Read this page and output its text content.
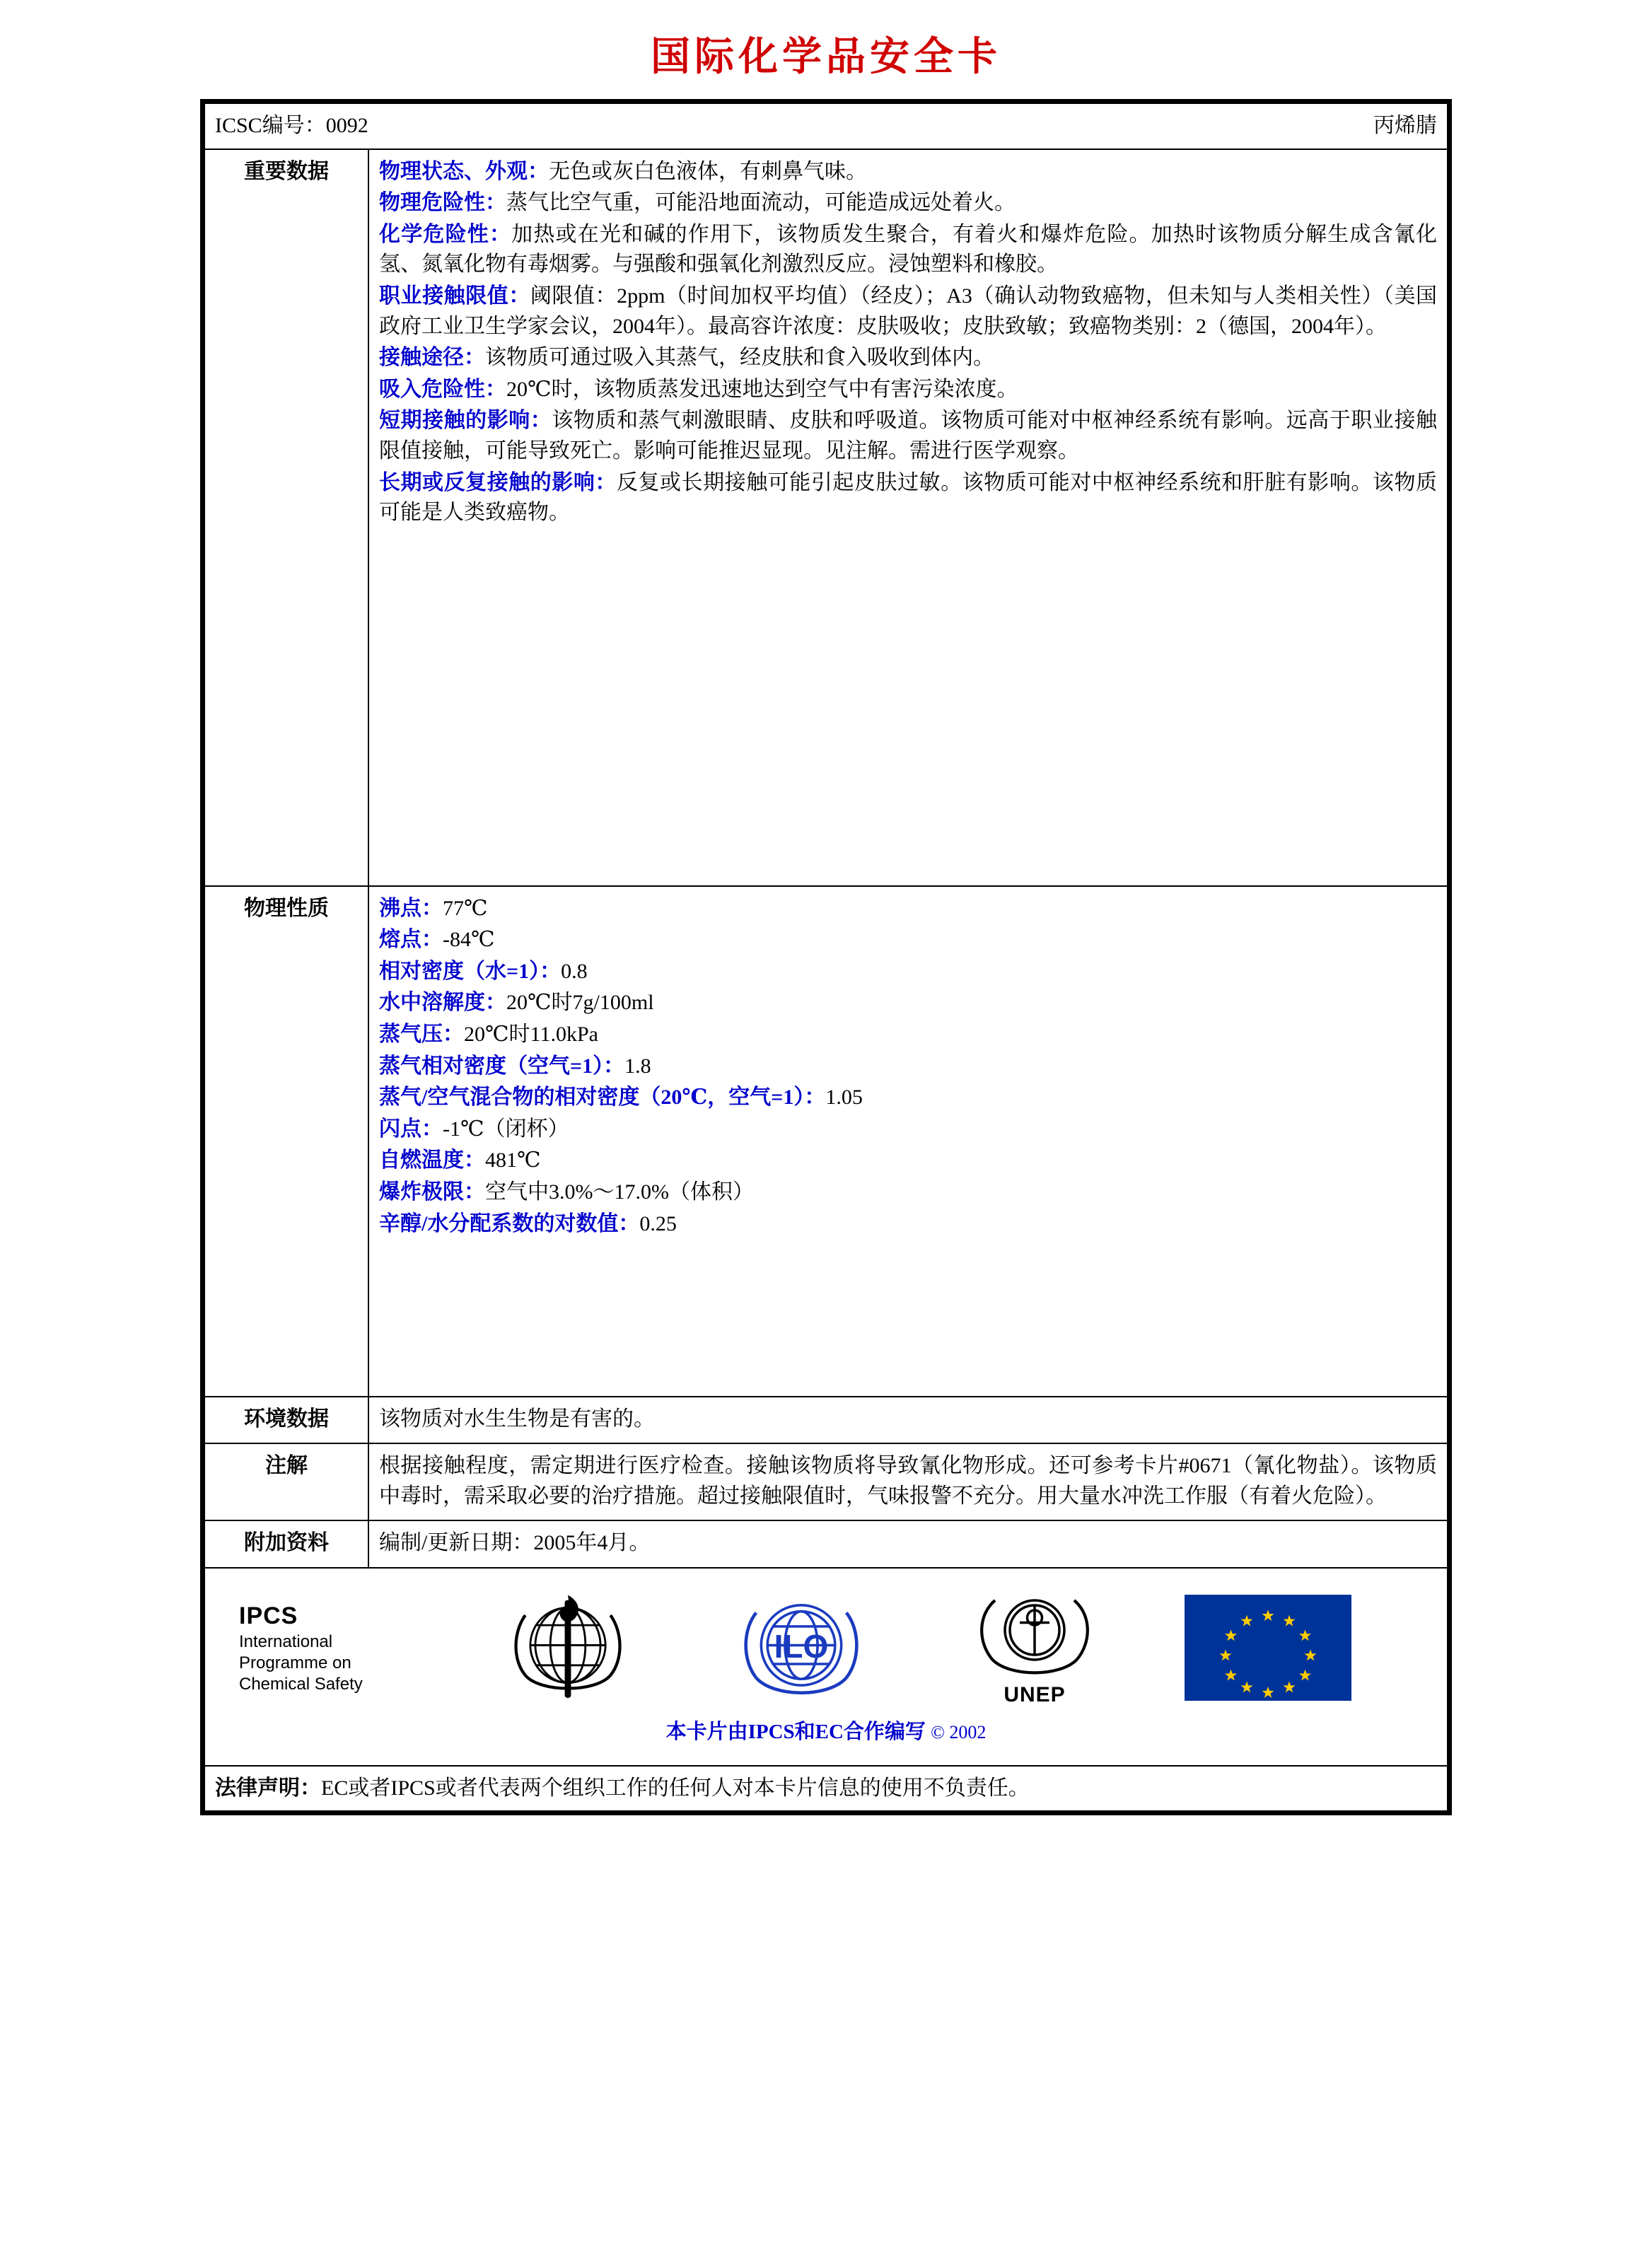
国际化学品安全卡
ICSC编号：0092 丙烯腈	

重要数据	物理状态、外观：无色或灰白色液体，有刺鼻气味。

物理危险性：蒸气比空气重，可能沿地面流动，可能造成远处着火。

化学危险性：加热或在光和碱的作用下，该物质发生聚合，有着火和爆炸危险。加热时该物质分解生成含氰化氢、氮氧化物有毒烟雾。与强酸和强氧化剂激烈反应。浸蚀塑料和橡胶。

职业接触限值：阈限值：2ppm（时间加权平均值）（经皮）；A3（确认动物致癌物，但未知与人类相关性）（美国政府工业卫生学家会议，2004年）。最高容许浓度：皮肤吸收；皮肤致敏；致癌物类别：2（德国，2004年）。

接触途径：该物质可通过吸入其蒸气，经皮肤和食入吸收到体内。

吸入危险性：20℃时，该物质蒸发迅速地达到空气中有害污染浓度。

短期接触的影响：该物质和蒸气刺激眼睛、皮肤和呼吸道。该物质可能对中枢神经系统有影响。远高于职业接触限值接触，可能导致死亡。影响可能推迟显现。见注解。需进行医学观察。

长期或反复接触的影响：反复或长期接触可能引起皮肤过敏。该物质可能对中枢神经系统和肝脏有影响。该物质可能是人类致癌物。

物理性质	沸点：77℃

熔点：-84℃

相对密度（水=1）：0.8

水中溶解度：20℃时7g/100ml

蒸气压：20℃时11.0kPa

蒸气相对密度（空气=1）：1.8

蒸气/空气混合物的相对密度（20℃，空气=1）：1.05

闪点：-1℃（闭杯）

自燃温度：481℃

爆炸极限：空气中3.0%～17.0%（体积）

辛醇/水分配系数的对数值：0.25

环境数据	该物质对水生生物是有害的。

注解	根据接触程度，需定期进行医疗检查。接触该物质将导致氰化物形成。还可参考卡片#0671（氰化物盐）。该物质中毒时，需采取必要的治疗措施。超过接触限值时，气味报警不充分。用大量水冲洗工作服（有着火危险）。

附加资料	编制/更新日期：2005年4月。

IPCS
International
Programme on
Chemical Safety
ILO
UNEP
本卡片由IPCS和EC合作编写 © 2002

法律声明：EC或者IPCS或者代表两个组织工作的任何人对本卡片信息的使用不负责任。	
